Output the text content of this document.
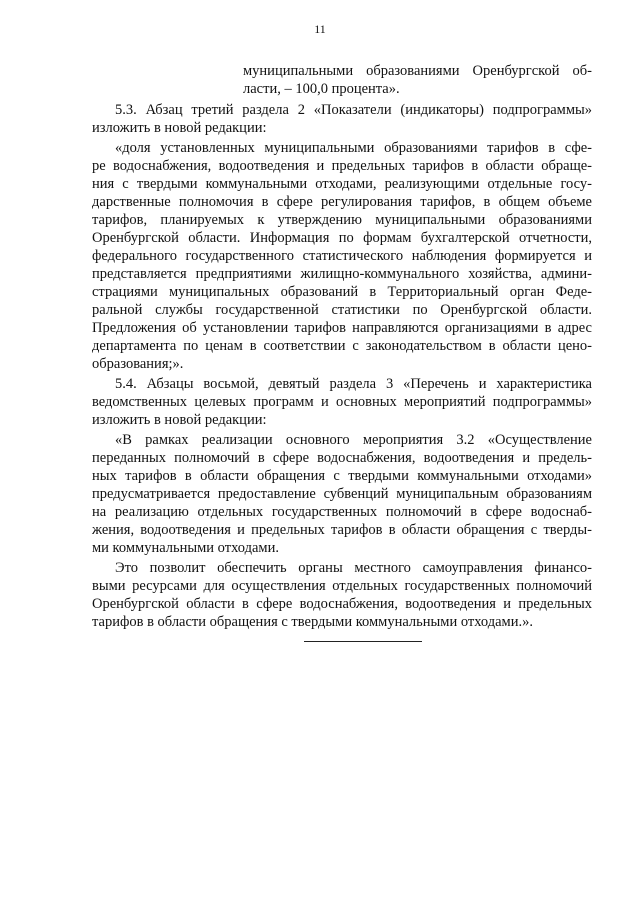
11
муниципальными образованиями Оренбургской об-
ласти, – 100,0 процента».
5.3. Абзац третий раздела 2 «Показатели (индикаторы) подпрограммы»
изложить в новой редакции:
«доля установленных муниципальными образованиями тарифов в сфе-
ре водоснабжения, водоотведения и предельных тарифов в области обраще-
ния с твердыми коммунальными отходами, реализующими отдельные госу-
дарственные полномочия в сфере регулирования тарифов, в общем объеме
тарифов, планируемых к утверждению муниципальными образованиями
Оренбургской области. Информация по формам бухгалтерской отчетности,
федерального государственного статистического наблюдения формируется и
представляется предприятиями жилищно-коммунального хозяйства, админи-
страциями муниципальных образований в Территориальный орган Феде-
ральной службы государственной статистики по Оренбургской области.
Предложения об установлении тарифов направляются организациями в адрес
департамента по ценам в соответствии с законодательством в области цено-
образования;».
5.4. Абзацы восьмой, девятый раздела 3 «Перечень и характеристика
ведомственных целевых программ и основных мероприятий подпрограммы»
изложить в новой редакции:
«В рамках реализации основного мероприятия 3.2 «Осуществление
переданных полномочий в сфере водоснабжения, водоотведения и предель-
ных тарифов в области обращения с твердыми коммунальными отходами»
предусматривается предоставление субвенций муниципальным образованиям
на реализацию отдельных государственных полномочий в сфере водоснаб-
жения, водоотведения и предельных тарифов в области обращения с тверды-
ми коммунальными отходами.
Это позволит обеспечить органы местного самоуправления финансо-
выми ресурсами для осуществления отдельных государственных полномочий
Оренбургской области в сфере водоснабжения, водоотведения и предельных
тарифов в области обращения с твердыми коммунальными отходами.».
